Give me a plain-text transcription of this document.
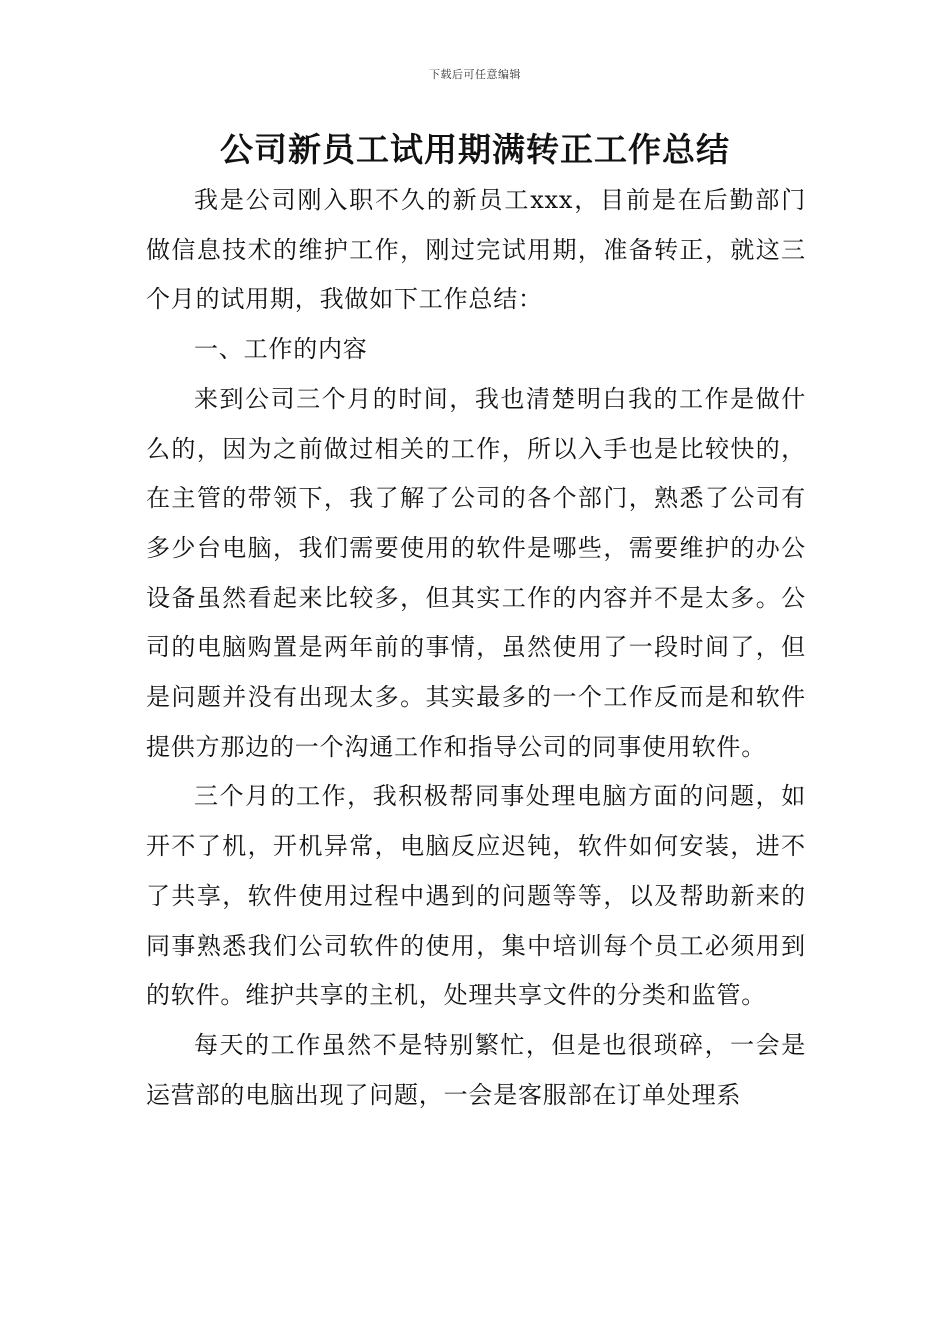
下载后可任意编辑
公司新员工试用期满转正工作总结

我是公司刚入职不久的新员工xxx，目前是在后勤部门做信息技术的维护工作，刚过完试用期，准备转正，就这三个月的试用期，我做如下工作总结：

一、工作的内容

来到公司三个月的时间，我也清楚明白我的工作是做什么的，因为之前做过相关的工作，所以入手也是比较快的，在主管的带领下，我了解了公司的各个部门，熟悉了公司有多少台电脑，我们需要使用的软件是哪些，需要维护的办公设备虽然看起来比较多，但其实工作的内容并不是太多。公司的电脑购置是两年前的事情，虽然使用了一段时间了，但是问题并没有出现太多。其实最多的一个工作反而是和软件提供方那边的一个沟通工作和指导公司的同事使用软件。

三个月的工作，我积极帮同事处理电脑方面的问题，如开不了机，开机异常，电脑反应迟钝，软件如何安装，进不了共享，软件使用过程中遇到的问题等等，以及帮助新来的同事熟悉我们公司软件的使用，集中培训每个员工必须用到的软件。维护共享的主机，处理共享文件的分类和监管。

每天的工作虽然不是特别繁忙，但是也很琐碎，一会是运营部的电脑出现了问题，一会是客服部在订单处理系
